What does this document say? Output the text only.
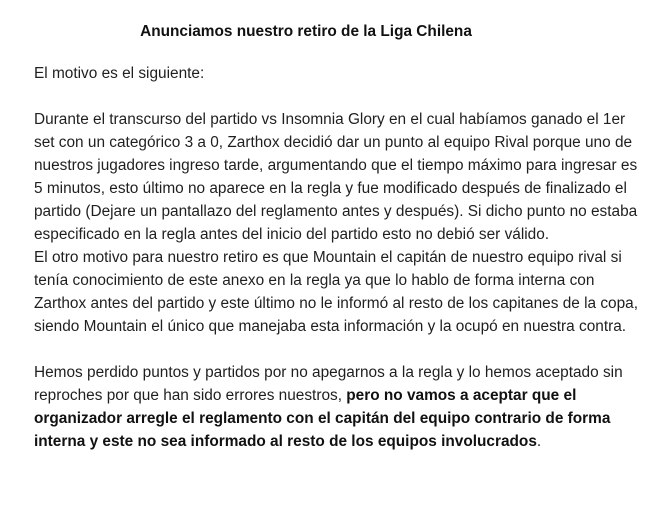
Anunciamos nuestro retiro de la Liga Chilena

El motivo es el siguiente:

Durante el transcurso del partido vs Insomnia Glory en el cual habíamos ganado el 1er set con un categórico 3 a 0, Zarthox decidió dar un punto al equipo Rival porque uno de nuestros jugadores ingreso tarde, argumentando que el tiempo máximo para ingresar es 5 minutos, esto último no aparece en la regla y fue modificado después de finalizado el partido (Dejare un pantallazo del reglamento antes y después). Si dicho punto no estaba especificado en la regla antes del inicio del partido esto no debió ser válido.

El otro motivo para nuestro retiro es que Mountain el capitán de nuestro equipo rival si tenía conocimiento de este anexo en la regla ya que lo hablo de forma interna con Zarthox antes del partido y este último no le informó al resto de los capitanes de la copa, siendo Mountain el único que manejaba esta información y la ocupó en nuestra contra.

Hemos perdido puntos y partidos por no apegarnos a la regla y lo hemos aceptado sin reproches por que han sido errores nuestros, pero no vamos a aceptar que el organizador arregle el reglamento con el capitán del equipo contrario de forma interna y este no sea informado al resto de los equipos involucrados.
